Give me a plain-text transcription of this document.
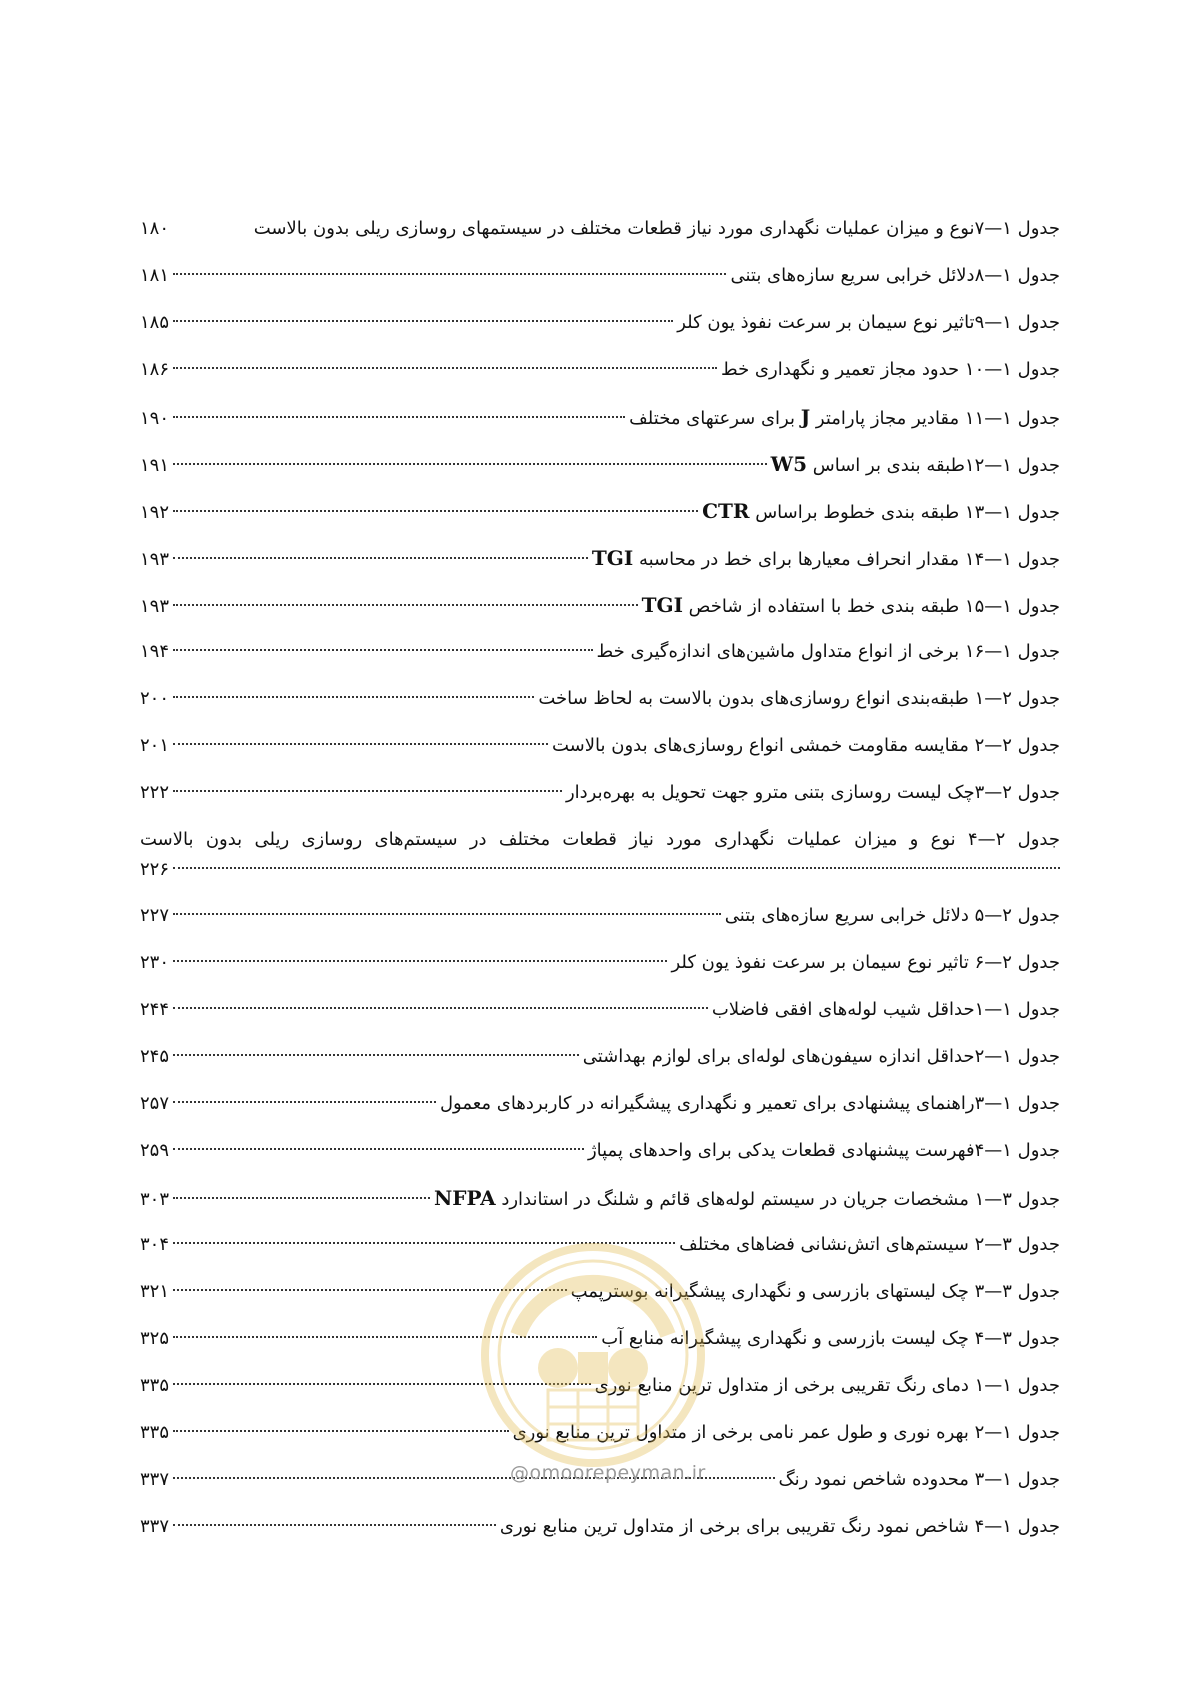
جدول ۱—۷نوع و میزان عملیات نگهداری مورد نیاز قطعات مختلف در سیستمهای روسازی ریلی بدون بالاست
۱۸۰
جدول ۱—۸دلائل خرابی سریع سازه‌های بتنی
۱۸۱
جدول ۱—۹تاثیر نوع سیمان بر سرعت نفوذ یون کلر
۱۸۵
جدول ۱—۱۰ حدود مجاز تعمیر و نگهداری خط
۱۸۶
جدول ۱—۱۱ مقادیر مجاز پارامتر J برای سرعتهای مختلف
۱۹۰
جدول ۱—۱۲طبقه بندی بر اساس W5
۱۹۱
جدول ۱—۱۳ طبقه بندی خطوط براساس CTR
۱۹۲
جدول ۱—۱۴ مقدار انحراف معیارها برای خط در محاسبه TGI
۱۹۳
جدول ۱—۱۵ طبقه بندی خط با استفاده از شاخص TGI
۱۹۳
جدول ۱—۱۶ برخی از انواع متداول ماشین‌های اندازه‌گیری خط
۱۹۴
جدول ۲—۱ طبقه‌بندی انواع روسازی‌های بدون بالاست به لحاظ ساخت
۲۰۰
جدول ۲—۲ مقایسه مقاومت خمشی انواع روسازی‌های بدون بالاست
۲۰۱
جدول ۲—۳چک لیست روسازی بتنی مترو جهت تحویل به بهره‌بردار
۲۲۲
جدول ۲—۴ نوع و میزان عملیات نگهداری مورد نیاز قطعات مختلف در سیستم‌های روسازی ریلی بدون بالاست
۲۲۶
جدول ۲—۵ دلائل خرابی سریع سازه‌های بتنی
۲۲۷
جدول ۲—۶ تاثیر نوع سیمان بر سرعت نفوذ یون کلر
۲۳۰
جدول ۱—۱حداقل شیب لوله‌های افقی فاضلاب
۲۴۴
جدول ۱—۲حداقل اندازه سیفون‌های لوله‌ای برای لوازم بهداشتی
۲۴۵
جدول ۱—۳راهنمای پیشنهادی برای تعمیر و نگهداری پیشگیرانه در کاربردهای معمول
۲۵۷
جدول ۱—۴فهرست پیشنهادی قطعات یدکی برای واحدهای پمپاژ
۲۵۹
جدول ۳—۱ مشخصات جریان در سیستم لوله‌های قائم و شلنگ در استاندارد NFPA
۳۰۳
جدول ۳—۲ سیستم‌های اتش‌نشانی فضاهای مختلف
۳۰۴
جدول ۳—۳ چک لیستهای بازرسی و نگهداری پیشگیرانه بوسترپمپ
۳۲۱
جدول ۳—۴ چک لیست بازرسی و نگهداری پیشگیرانه منابع آب
۳۲۵
جدول ۱—۱ دمای رنگ تقریبی برخی از متداول ترین منابع نوری
۳۳۵
جدول ۱—۲ بهره نوری و طول عمر نامی برخی از متداول ترین منابع نوری
۳۳۵
جدول ۱—۳ محدوده شاخص نمود رنگ
۳۳۷
جدول ۱—۴ شاخص نمود رنگ تقریبی برای برخی از متداول ترین منابع نوری
۳۳۷
@omoorepeyman.ir
